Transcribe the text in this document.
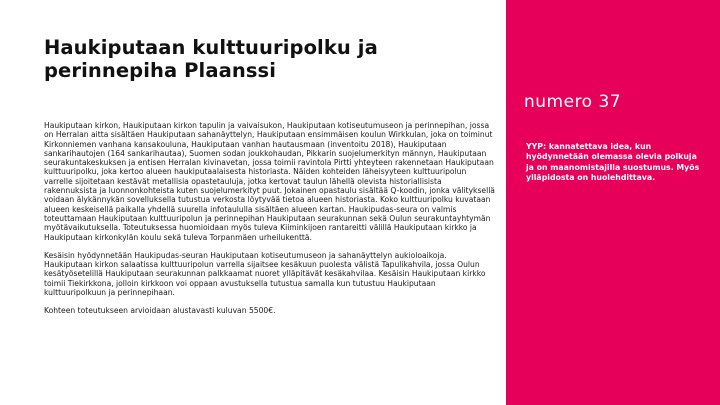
Haukiputaan kulttuuripolku ja perinnepiha Plaanssi

Haukiputaan kirkon, Haukiputaan kirkon tapulin ja vaivaisukon, Haukiputaan kotiseutumuseon ja perinnepihan, jossa on Herralan aitta sisältäen Haukiputaan sahanäyttelyn, Haukiputaan ensimmäisen koulun Wirkkulan, joka on toiminut Kirkonniemen vanhana kansakouluna, Haukiputaan vanhan hautausmaan (inventoitu 2018), Haukiputaan sankarihautojen (164 sankarihautaa), Suomen sodan joukkohaudan, Pikkarin suojelumerkityn männyn, Haukiputaan seurakuntakeskuksen ja entisen Herralan kivinavetan, jossa toimii ravintola Pirtti yhteyteen rakennetaan Haukiputaan kulttuuripolku, joka kertoo alueen haukiputaalaisesta historiasta. Näiden kohteiden läheisyyteen kulttuuripolun varrelle sijoitetaan kestävät metallisia opastetauluja, jotka kertovat taulun lähellä olevista historiallisista rakennuksista ja luonnonkohteista kuten suojelumerkityt puut. Jokainen opastaulu sisältää Q-koodin, jonka välityksellä voidaan älykännykän sovelluksella tutustua verkosta löytyvää tietoa alueen historiasta. Koko kulttuuripolku kuvataan alueen keskeisellä paikalla yhdellä suurella infotaululla sisältäen alueen kartan. Haukipudas-seura on valmis toteuttamaan Haukiputaan kulttuuripolun ja perinnepihan Haukiputaan seurakunnan sekä Oulun seurakuntayhtymän myötävaikutuksella. Toteutuksessa huomioidaan myös tuleva Kiiminkijoen rantareitti välillä Haukiputaan kirkko ja Haukiputaan kirkonkylän koulu sekä tuleva Torpanmäen urheilukenttä.

Kesäisin hyödynnetään Haukipudas-seuran Haukiputaan kotiseutumuseon ja sahanäyttelyn aukioloaikoja. Haukiputaan kirkon salaatissa kulttuuripolun varrella sijaitsee kesäkuun puolesta välistä Tapulikahvila, jossa Oulun kesätyösetelillä Haukiputaan seurakunnan palkkaamat nuoret ylläpitävät kesäkahvilaa. Kesäisin Haukiputaan kirkko toimii Tiekirkkona, jolloin kirkkoon voi oppaan avustuksella tutustua samalla kun tutustuu Haukiputaan kulttuuripolkuun ja perinnepihaan.

Kohteen toteutukseen arvioidaan alustavasti kuluvan 5500€.

numero 37

YYP: kannatettava idea, kun hyödynnetään olemassa olevia polkuja ja on maanomistajilla suostumus. Myös ylläpidosta on huolehdittava.
